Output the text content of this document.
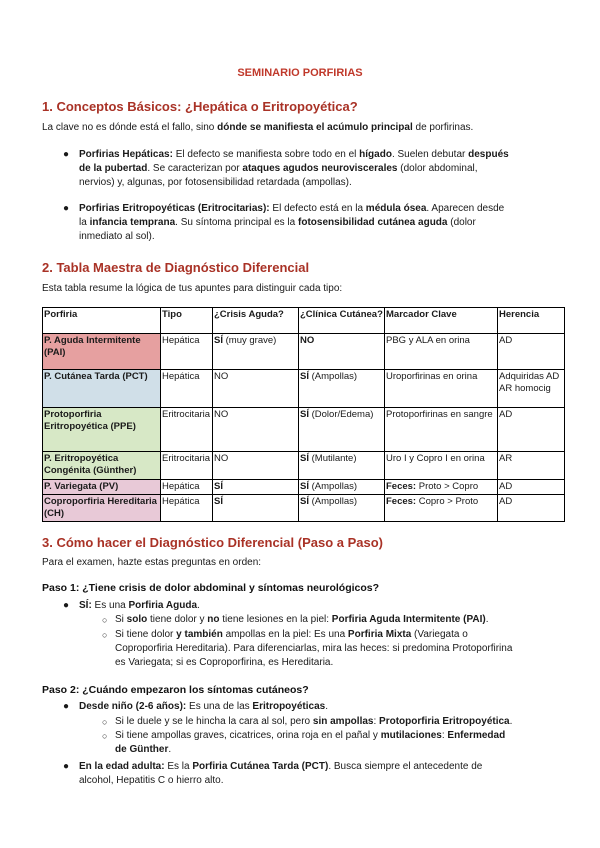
SEMINARIO PORFIRIAS
1. Conceptos Básicos: ¿Hepática o Eritropoyética?

La clave no es dónde está el fallo, sino dónde se manifiesta el acúmulo principal de porfirinas.

● Porfirias Hepáticas: El defecto se manifiesta sobre todo en el hígado. Suelen debutar después
de la pubertad. Se caracterizan por ataques agudos neuroviscerales (dolor abdominal,
nervios) y, algunas, por fotosensibilidad retardada (ampollas).
● Porfirias Eritropoyéticas (Eritrocitarias): El defecto está en la médula ósea. Aparecen desde
la infancia temprana. Su síntoma principal es la fotosensibilidad cutánea aguda (dolor
inmediato al sol).
2. Tabla Maestra de Diagnóstico Diferencial

Esta tabla resume la lógica de tus apuntes para distinguir cada tipo:

Porfiria	Tipo	¿Crisis Aguda?	¿Clínica Cutánea?	Marcador Clave	Herencia
P. Aguda Intermitente (PAI)	Hepática	SÍ (muy grave)	NO	PBG y ALA en orina	AD
P. Cutánea Tarda (PCT)	Hepática	NO	SÍ (Ampollas)	Uroporfirinas en orina	Adquiridas AD AR homocig
Protoporfiria Eritropoyética (PPE)	Eritrocitaria	NO	SÍ (Dolor/Edema)	Protoporfirinas en sangre	AD
P. Eritropoyética Congénita (Günther)	Eritrocitaria	NO	SÍ (Mutilante)	Uro I y Copro I en orina	AR
P. Variegata (PV)	Hepática	SÍ	SÍ (Ampollas)	Feces: Proto > Copro	AD
Coproporfiria Hereditaria (CH)	Hepática	SÍ	SÍ (Ampollas)	Feces: Copro > Proto	AD
3. Cómo hacer el Diagnóstico Diferencial (Paso a Paso)

Para el examen, hazte estas preguntas en orden:

Paso 1: ¿Tiene crisis de dolor abdominal y síntomas neurológicos?
● SÍ: Es una Porfiria Aguda.
○ Si solo tiene dolor y no tiene lesiones en la piel: Porfiria Aguda Intermitente (PAI).
○ Si tiene dolor y también ampollas en la piel: Es una Porfiria Mixta (Variegata o
Coproporfiria Hereditaria). Para diferenciarlas, mira las heces: si predomina Protoporfirina
es Variegata; si es Coproporfirina, es Hereditaria.
Paso 2: ¿Cuándo empezaron los síntomas cutáneos?
● Desde niño (2-6 años): Es una de las Eritropoyéticas.
○ Si le duele y se le hincha la cara al sol, pero sin ampollas: Protoporfiria Eritropoyética.
○ Si tiene ampollas graves, cicatrices, orina roja en el pañal y mutilaciones: Enfermedad
de Günther.
● En la edad adulta: Es la Porfiria Cutánea Tarda (PCT). Busca siempre el antecedente de
alcohol, Hepatitis C o hierro alto.
